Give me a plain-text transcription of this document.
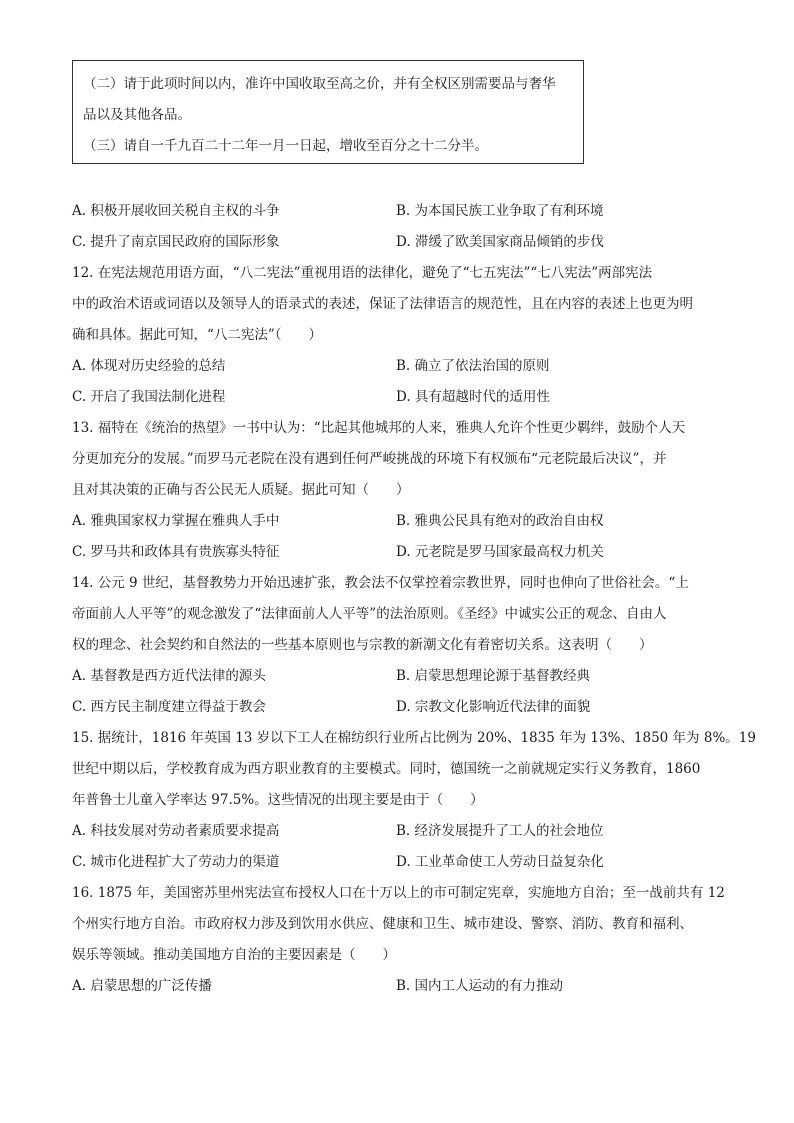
（二）请于此项时间以内，准许中国收取至高之价，并有全权区别需要品与奢华
品以及其他各品。
（三）请自一千九百二十二年一月一日起，增收至百分之十二分半。
A. 积极开展收回关税自主权的斗争	B. 为本国民族工业争取了有利环境
C. 提升了南京国民政府的国际形象	D. 滞缓了欧美国家商品倾销的步伐
12. 在宪法规范用语方面，“八二宪法”重视用语的法律化，避免了“七五宪法”“七八宪法”两部宪法
中的政治术语或词语以及领导人的语录式的表述，保证了法律语言的规范性，且在内容的表述上也更为明
确和具体。据此可知，“八二宪法”（　　）
A. 体现对历史经验的总结	B. 确立了依法治国的原则
C. 开启了我国法制化进程	D. 具有超越时代的适用性
13. 福特在《统治的热望》一书中认为：“比起其他城邦的人来，雅典人允许个性更少羁绊，鼓励个人天
分更加充分的发展。”而罗马元老院在没有遇到任何严峻挑战的环境下有权颁布“元老院最后决议”，并
且对其决策的正确与否公民无人质疑。据此可知（　　）
A. 雅典国家权力掌握在雅典人手中	B. 雅典公民具有绝对的政治自由权
C. 罗马共和政体具有贵族寡头特征	D. 元老院是罗马国家最高权力机关
14. 公元 9 世纪，基督教势力开始迅速扩张，教会法不仅掌控着宗教世界，同时也伸向了世俗社会。“上
帝面前人人平等”的观念激发了“法律面前人人平等”的法治原则。《圣经》中诚实公正的观念、自由人
权的理念、社会契约和自然法的一些基本原则也与宗教的新潮文化有着密切关系。这表明（　　）
A. 基督教是西方近代法律的源头	B. 启蒙思想理论源于基督教经典
C. 西方民主制度建立得益于教会	D. 宗教文化影响近代法律的面貌
15. 据统计，1816 年英国 13 岁以下工人在棉纺织行业所占比例为 20%、1835 年为 13%、1850 年为 8%。19
世纪中期以后，学校教育成为西方职业教育的主要模式。同时，德国统一之前就规定实行义务教育，1860
年普鲁士儿童入学率达 97.5%。这些情况的出现主要是由于（　　）
A. 科技发展对劳动者素质要求提高	B. 经济发展提升了工人的社会地位
C. 城市化进程扩大了劳动力的渠道	D. 工业革命使工人劳动日益复杂化
16. 1875 年，美国密苏里州宪法宣布授权人口在十万以上的市可制定宪章，实施地方自治；至一战前共有 12
个州实行地方自治。市政府权力涉及到饮用水供应、健康和卫生、城市建设、警察、消防、教育和福利、
娱乐等领域。推动美国地方自治的主要因素是（　　）
A. 启蒙思想的广泛传播	B. 国内工人运动的有力推动
